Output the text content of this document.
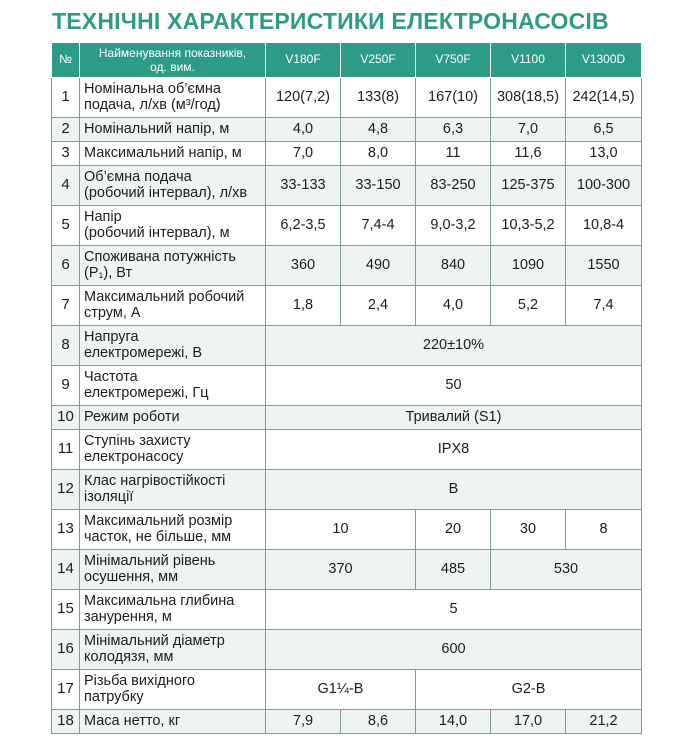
ТЕХНІЧНІ ХАРАКТЕРИСТИКИ ЕЛЕКТРОНАСОСІВ
№	Найменування показників,
од. вим.	V180F	V250F	V750F	V1100	V1300D
1	Номінальна об’ємна
подача, л/хв (м³/год)	120(7,2)	133(8)	167(10)	308(18,5)	242(14,5)
2	Номінальний напір, м	4,0	4,8	6,3	7,0	6,5
3	Максимальний напір, м	7,0	8,0	11	11,6	13,0
4	Об’ємна подача
(робочий інтервал), л/хв	33-133	33-150	83-250	125-375	100-300
5	Напір
(робочий інтервал), м	6,2-3,5	7,4-4	9,0-3,2	10,3-5,2	10,8-4
6	Споживана потужність
(P₁), Вт	360	490	840	1090	1550
7	Максимальний робочий
струм, А	1,8	2,4	4,0	5,2	7,4
8	Напруга
електромережі, В	220±10%				
9	Частота
електромережі, Гц	50				
10	Режим роботи	Тривалий (S1)				
11	Ступінь захисту
електронасосу	IPX8				
12	Клас нагрівостійкості
ізоляції	B				
13	Максимальний розмір
часток, не більше, мм	10		20	30	8
14	Мінімальний рівень
осушення, мм	370		485	530	
15	Максимальна глибина
занурення, м	5				
16	Мінімальний діаметр
колодязя, мм	600				
17	Різьба вихідного
патрубку	G1¼-B		G2-B		
18	Маса нетто, кг	7,9	8,6	14,0	17,0	21,2
